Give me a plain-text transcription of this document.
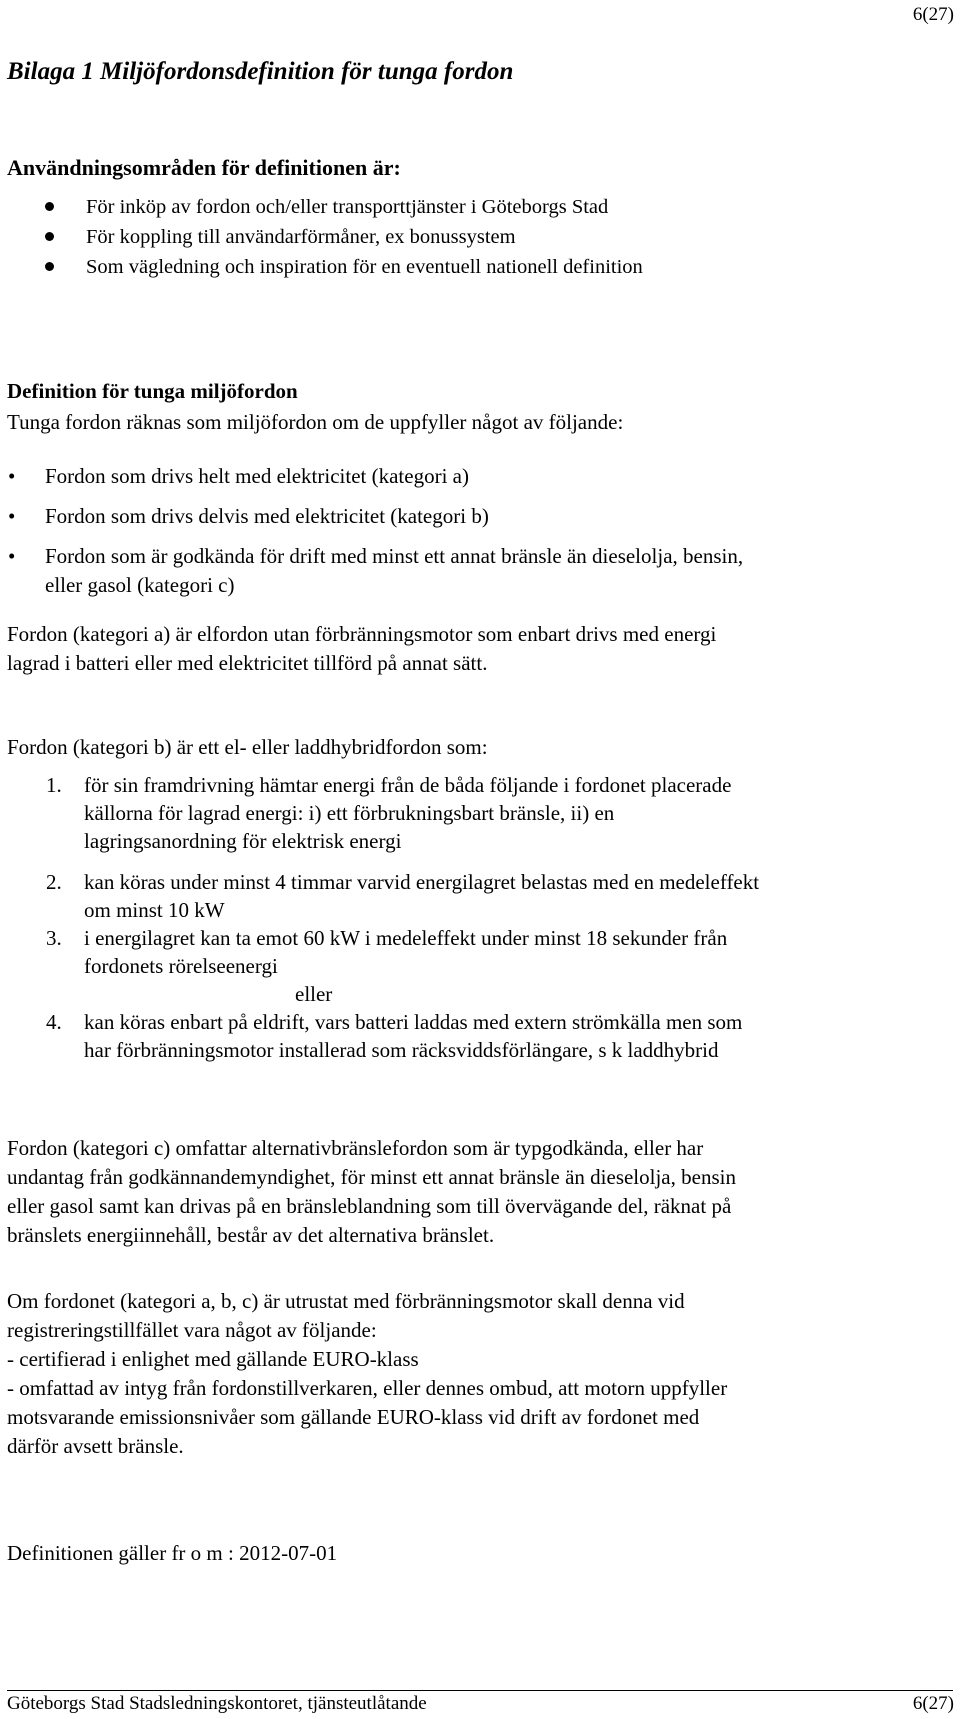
6(27)
Bilaga 1 Miljöfordonsdefinition för tunga fordon
Användningsområden för definitionen är:
För inköp av fordon och/eller transporttjänster i Göteborgs Stad
För koppling till användarförmåner, ex bonussystem
Som vägledning och inspiration för en eventuell nationell definition
Definition för tunga miljöfordon

Tunga fordon räknas som miljöfordon om de uppfyller något av följande:

• Fordon som drivs helt med elektricitet (kategori a)
• Fordon som drivs delvis med elektricitet (kategori b)
• Fordon som är godkända för drift med minst ett annat bränsle än dieselolja, bensin,
eller gasol (kategori c)

Fordon (kategori a) är elfordon utan förbränningsmotor som enbart drivs med energi
lagrad i batteri eller med elektricitet tillförd på annat sätt.

Fordon (kategori b) är ett el- eller laddhybridfordon som:

1. för sin framdrivning hämtar energi från de båda följande i fordonet placerade
källorna för lagrad energi: i) ett förbrukningsbart bränsle, ii) en
lagringsanordning för elektrisk energi
2. kan köras under minst 4 timmar varvid energilagret belastas med en medeleffekt
om minst 10 kW
3. i energilagret kan ta emot 60 kW i medeleffekt under minst 18 sekunder från
fordonets rörelseenergi
eller
4. kan köras enbart på eldrift, vars batteri laddas med extern strömkälla men som
har förbränningsmotor installerad som räcksviddsförlängare, s k laddhybrid

Fordon (kategori c) omfattar alternativbränslefordon som är typgodkända, eller har
undantag från godkännandemyndighet, för minst ett annat bränsle än dieselolja, bensin
eller gasol samt kan drivas på en bränsleblandning som till övervägande del, räknat på
bränslets energiinnehåll, består av det alternativa bränslet.

Om fordonet (kategori a, b, c) är utrustat med förbränningsmotor skall denna vid
registreringstillfället vara något av följande:
- certifierad i enlighet med gällande EURO-klass
- omfattad av intyg från fordonstillverkaren, eller dennes ombud, att motorn uppfyller
motsvarande emissionsnivåer som gällande EURO-klass vid drift av fordonet med
därför avsett bränsle.

Definitionen gäller fr o m : 2012-07-01

Göteborgs Stad Stadsledningskontoret, tjänsteutlåtande	6(27)
